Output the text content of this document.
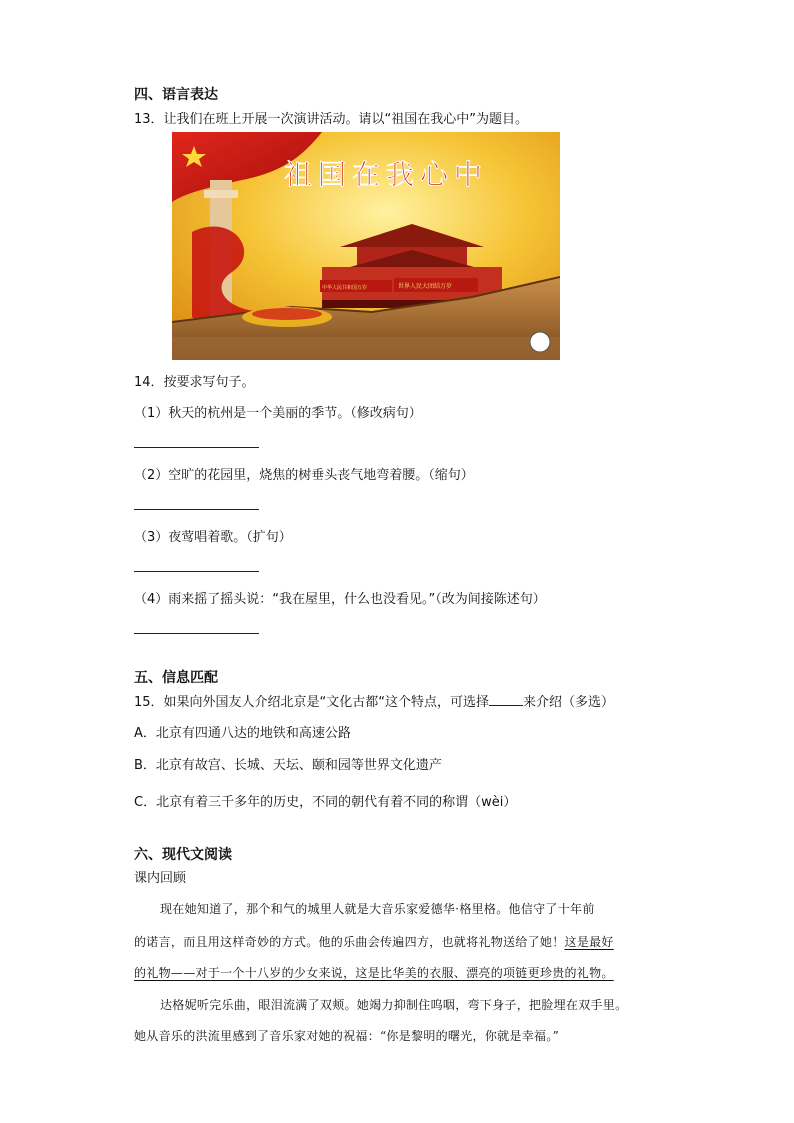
四、语言表达
13．让我们在班上开展一次演讲活动。请以“祖国在我心中”为题目。
祖国在我心中
中华人民共和国万岁	世界人民大团结万岁
14．按要求写句子。
（1）秋天的杭州是一个美丽的季节。（修改病句）
（2）空旷的花园里，烧焦的树垂头丧气地弯着腰。（缩句）
（3）夜莺唱着歌。（扩句）
（4）雨来摇了摇头说：“我在屋里，什么也没看见。”（改为间接陈述句）
五、信息匹配
15．如果向外国友人介绍北京是“文化古都“这个特点，可选择	来介绍（多选）
A．北京有四通八达的地铁和高速公路
B．北京有故宫、长城、天坛、颐和园等世界文化遗产
C．北京有着三千多年的历史，不同的朝代有着不同的称谓（wèi）
六、现代文阅读
课内回顾
现在她知道了，那个和气的城里人就是大音乐家爱德华·格里格。他信守了十年前
的诺言，而且用这样奇妙的方式。他的乐曲会传遍四方，也就将礼物送给了她！这是最好
的礼物——对于一个十八岁的少女来说，这是比华美的衣服、漂亮的项链更珍贵的礼物。
达格妮听完乐曲，眼泪流满了双颊。她竭力抑制住呜咽，弯下身子，把脸埋在双手里。
她从音乐的洪流里感到了音乐家对她的祝福：“你是黎明的曙光，你就是幸福。”
